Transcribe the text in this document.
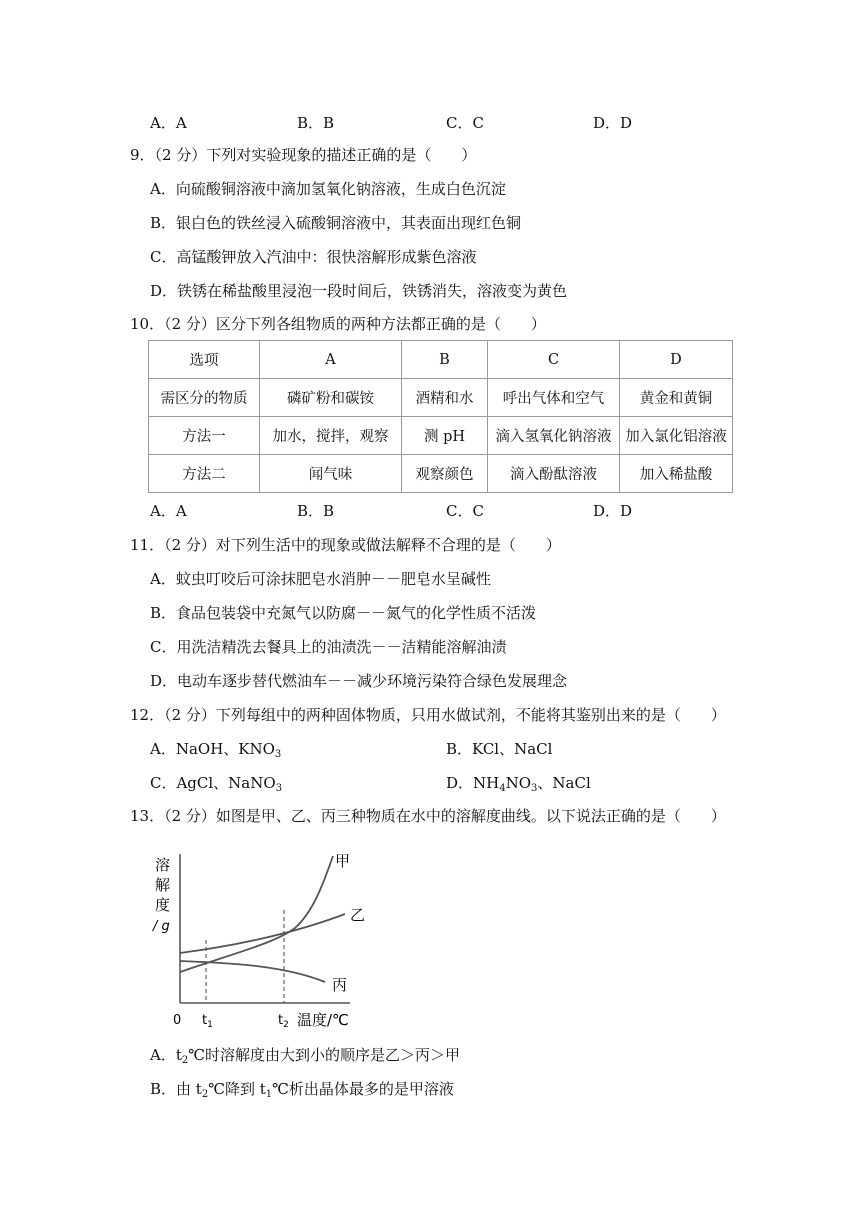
A．A	B．B	C．C	D．D
9．（2 分）下列对实验现象的描述正确的是（　　）
A．向硫酸铜溶液中滴加氢氧化钠溶液，生成白色沉淀
B．银白色的铁丝浸入硫酸铜溶液中，其表面出现红色铜
C．高锰酸钾放入汽油中：很快溶解形成紫色溶液
D．铁锈在稀盐酸里浸泡一段时间后，铁锈消失，溶液变为黄色
10．（2 分）区分下列各组物质的两种方法都正确的是（　　）
选项	A	B	C	D
需区分的物质	磷矿粉和碳铵	酒精和水	呼出气体和空气	黄金和黄铜
方法一	加水，搅拌，观察	测 pH	滴入氢氧化钠溶液	加入氯化铝溶液
方法二	闻气味	观察颜色	滴入酚酞溶液	加入稀盐酸
A．A	B．B	C．C	D．D
11．（2 分）对下列生活中的现象或做法解释不合理的是（　　）
A．蚊虫叮咬后可涂抹肥皂水消肿－－肥皂水呈碱性
B．食品包装袋中充氮气以防腐－－氮气的化学性质不活泼
C．用洗洁精洗去餐具上的油渍洗－－洁精能溶解油渍
D．电动车逐步替代燃油车－－减少环境污染符合绿色发展理念
12．（2 分）下列每组中的两种固体物质，只用水做试剂，不能将其鉴别出来的是（　　）
A．NaOH、$KNO_3$	B．KCl、NaCl
C．AgCl、NaNO$_3$	D．$NH_4NO_3$、NaCl
13．（2 分）如图是甲、乙、丙三种物质在水中的溶解度曲线。以下说法正确的是（　　）
溶
解
度
/ g
甲
乙
丙
0 $t_1$	$t_2$ 温度/℃
A．$t_2℃$时溶解度由大到小的顺序是乙＞丙＞甲
B．由 $t_2℃$降到 $t_1℃$析出晶体最多的是甲溶液
